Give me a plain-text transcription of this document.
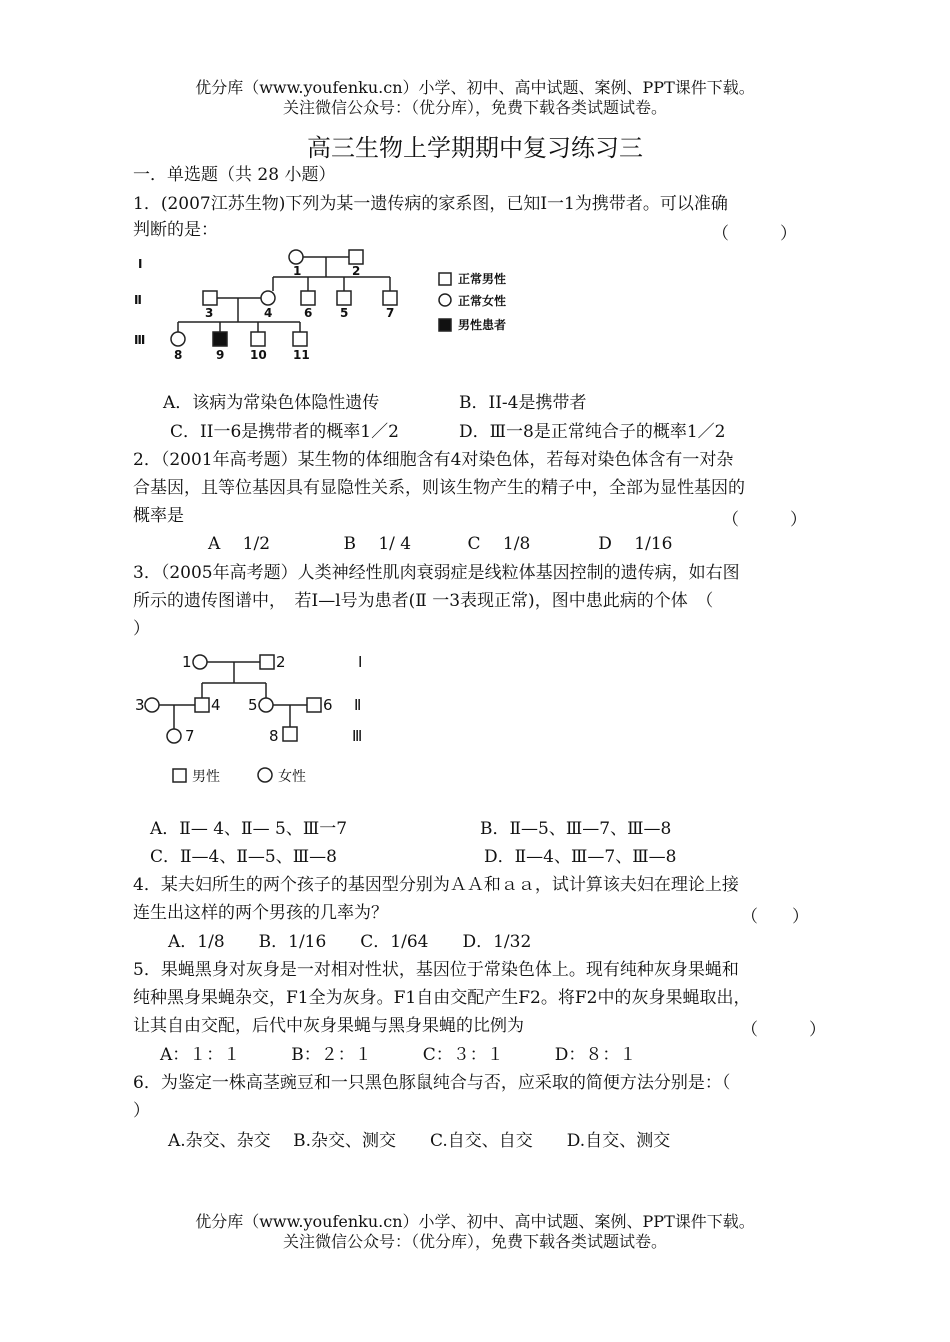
优分库（www.youfenku.cn）小学、初中、高中试题、案例、PPT课件下载。
关注微信公众号：（优分库），免费下载各类试题试卷。
高三生物上学期期中复习练习三
一．单选题（共 28 小题）
1．(2007江苏生物)下列为某一遗传病的家系图，已知Ⅰ一1为携带者。可以准确
判断的是：	（　　　）
Ⅰ
Ⅱ
Ⅲ
1	2
3	4	6 5	7
8	9 10 11
正常男性
正常女性
男性患者
A．该病为常染色体隐性遗传	B．II-4是携带者
C．II一6是携带者的概率1／2	D．Ⅲ一8是正常纯合子的概率1／2
2．（2001年高考题）某生物的体细胞含有4对染色体，若每对染色体含有一对杂
合基因，且等位基因具有显隐性关系，则该生物产生的精子中，全部为显性基因的
概率是	（　　　）
A　 1/2　　　　 B　 1/ 4　　　 C　 1/8　　　　D　 1/16
3．（2005年高考题）人类神经性肌肉衰弱症是线粒体基因控制的遗传病，如右图
所示的遗传图谱中，　若Ⅰ—l号为患者(Ⅱ 一3表现正常)，图中患此病的个体　（
）
1	2
3	4 5	6
7	8
Ⅰ
Ⅱ
Ⅲ
男性	女性
A．Ⅱ— 4、Ⅱ— 5、Ⅲ一7	B．Ⅱ—5、Ⅲ—7、Ⅲ—8
C．Ⅱ—4、Ⅱ—5、Ⅲ—8	D．Ⅱ—4、Ⅲ—7、Ⅲ—8
4．某夫妇所生的两个孩子的基因型分别为ＡＡ和ａａ，试计算该夫妇在理论上接
连生出这样的两个男孩的几率为？	（　　）
A．1/8　　B．1/16　　C．1/64　　D．1/32
5．果蝇黑身对灰身是一对相对性状，基因位于常染色体上。现有纯种灰身果蝇和
纯种黑身果蝇杂交，F1全为灰身。F1自由交配产生F2。将F2中的灰身果蝇取出，
让其自由交配，后代中灰身果蝇与黑身果蝇的比例为	（　　　）
A：１：１　　　B：２：１　　　C：３：１　　　D：８：１
6．为鉴定一株高茎豌豆和一只黑色豚鼠纯合与否，应采取的简便方法分别是：（
）
A.杂交、杂交　 B.杂交、测交　　C.自交、自交　　D.自交、测交
优分库（www.youfenku.cn）小学、初中、高中试题、案例、PPT课件下载。
关注微信公众号：（优分库），免费下载各类试题试卷。
